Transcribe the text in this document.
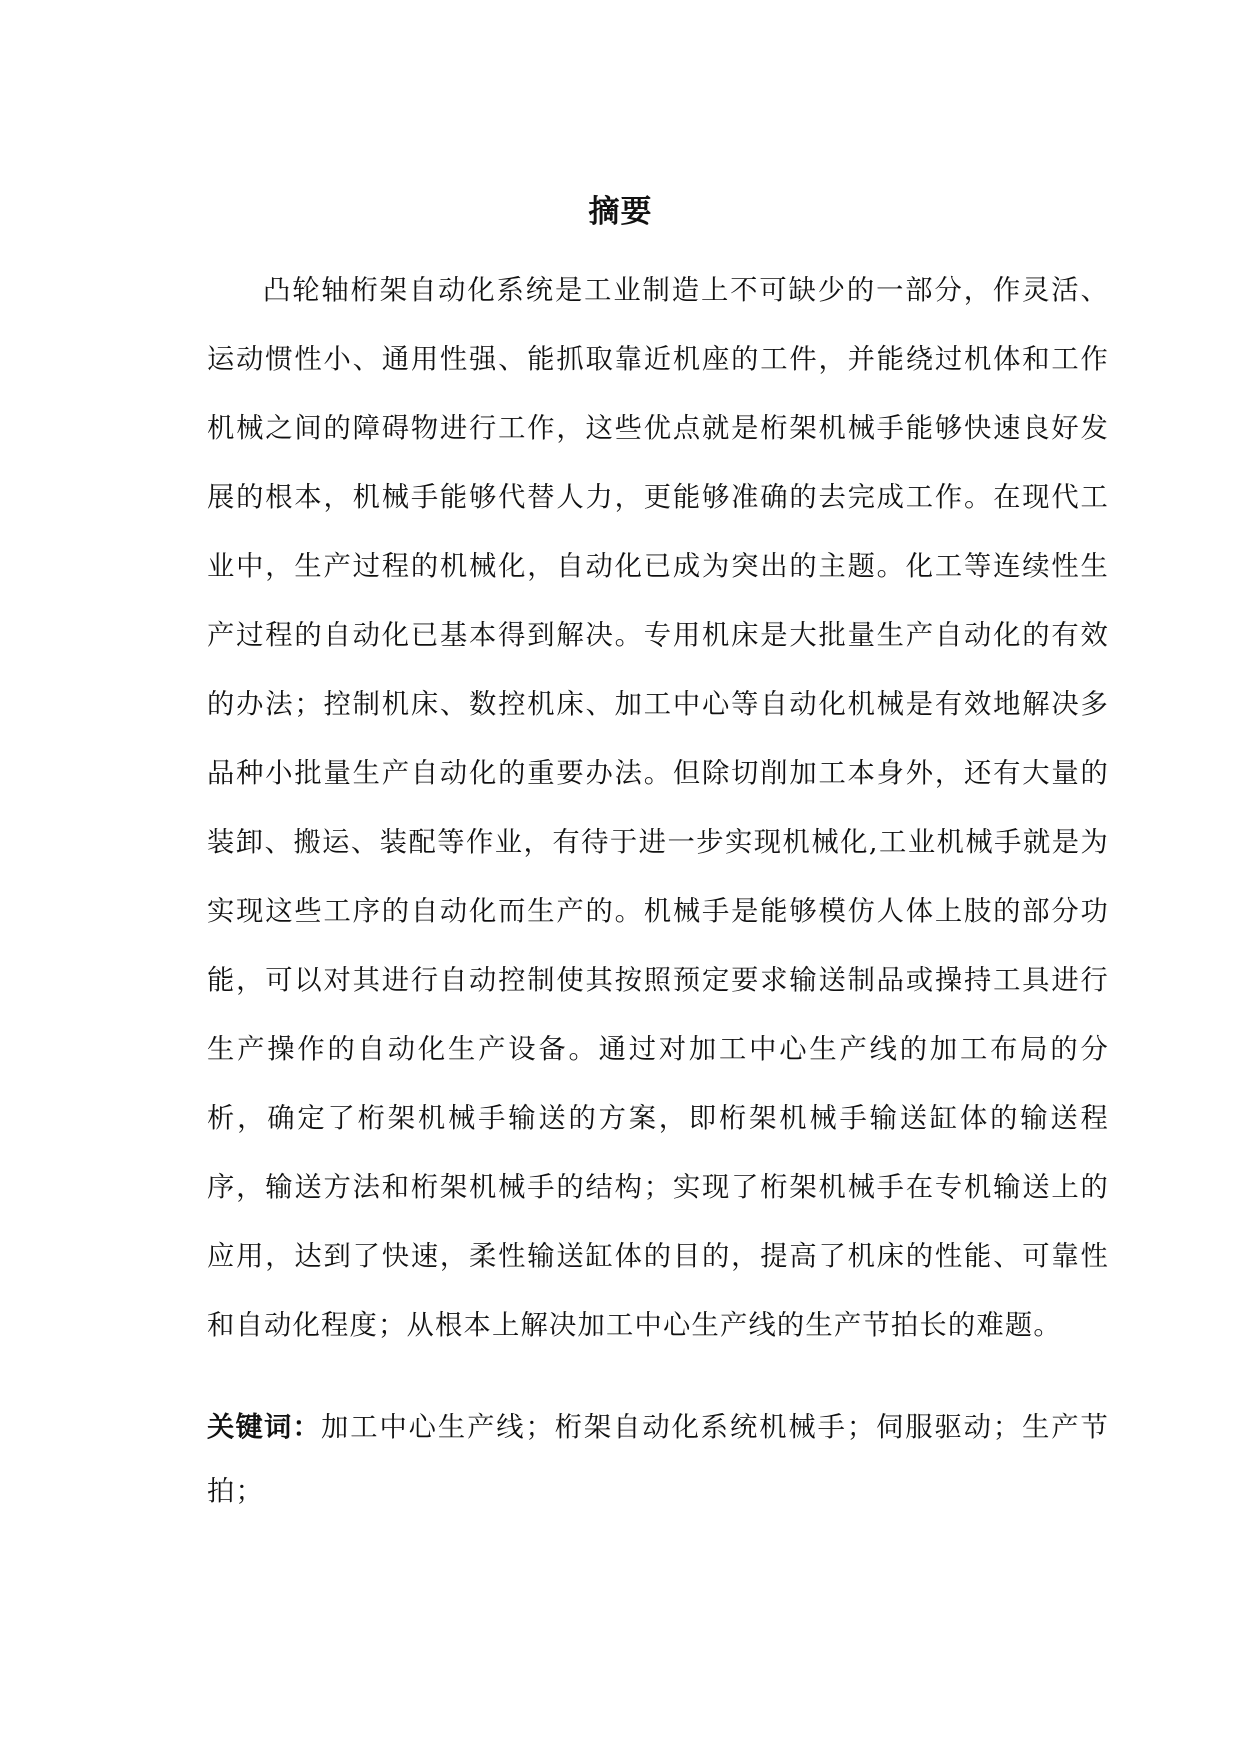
摘要

凸轮轴桁架自动化系统是工业制造上不可缺少的一部分，作灵活、运动惯性小、通用性强、能抓取靠近机座的工件，并能绕过机体和工作机械之间的障碍物进行工作，这些优点就是桁架机械手能够快速良好发展的根本，机械手能够代替人力，更能够准确的去完成工作。在现代工业中，生产过程的机械化，自动化已成为突出的主题。化工等连续性生产过程的自动化已基本得到解决。专用机床是大批量生产自动化的有效的办法；控制机床、数控机床、加工中心等自动化机械是有效地解决多品种小批量生产自动化的重要办法。但除切削加工本身外，还有大量的装卸、搬运、装配等作业，有待于进一步实现机械化,工业机械手就是为实现这些工序的自动化而生产的。机械手是能够模仿人体上肢的部分功能，可以对其进行自动控制使其按照预定要求输送制品或操持工具进行生产操作的自动化生产设备。通过对加工中心生产线的加工布局的分析，确定了桁架机械手输送的方案，即桁架机械手输送缸体的输送程序，输送方法和桁架机械手的结构；实现了桁架机械手在专机输送上的应用，达到了快速，柔性输送缸体的目的，提高了机床的性能、可靠性和自动化程度；从根本上解决加工中心生产线的生产节拍长的难题。

关键词：加工中心生产线；桁架自动化系统机械手；伺服驱动；生产节拍；
